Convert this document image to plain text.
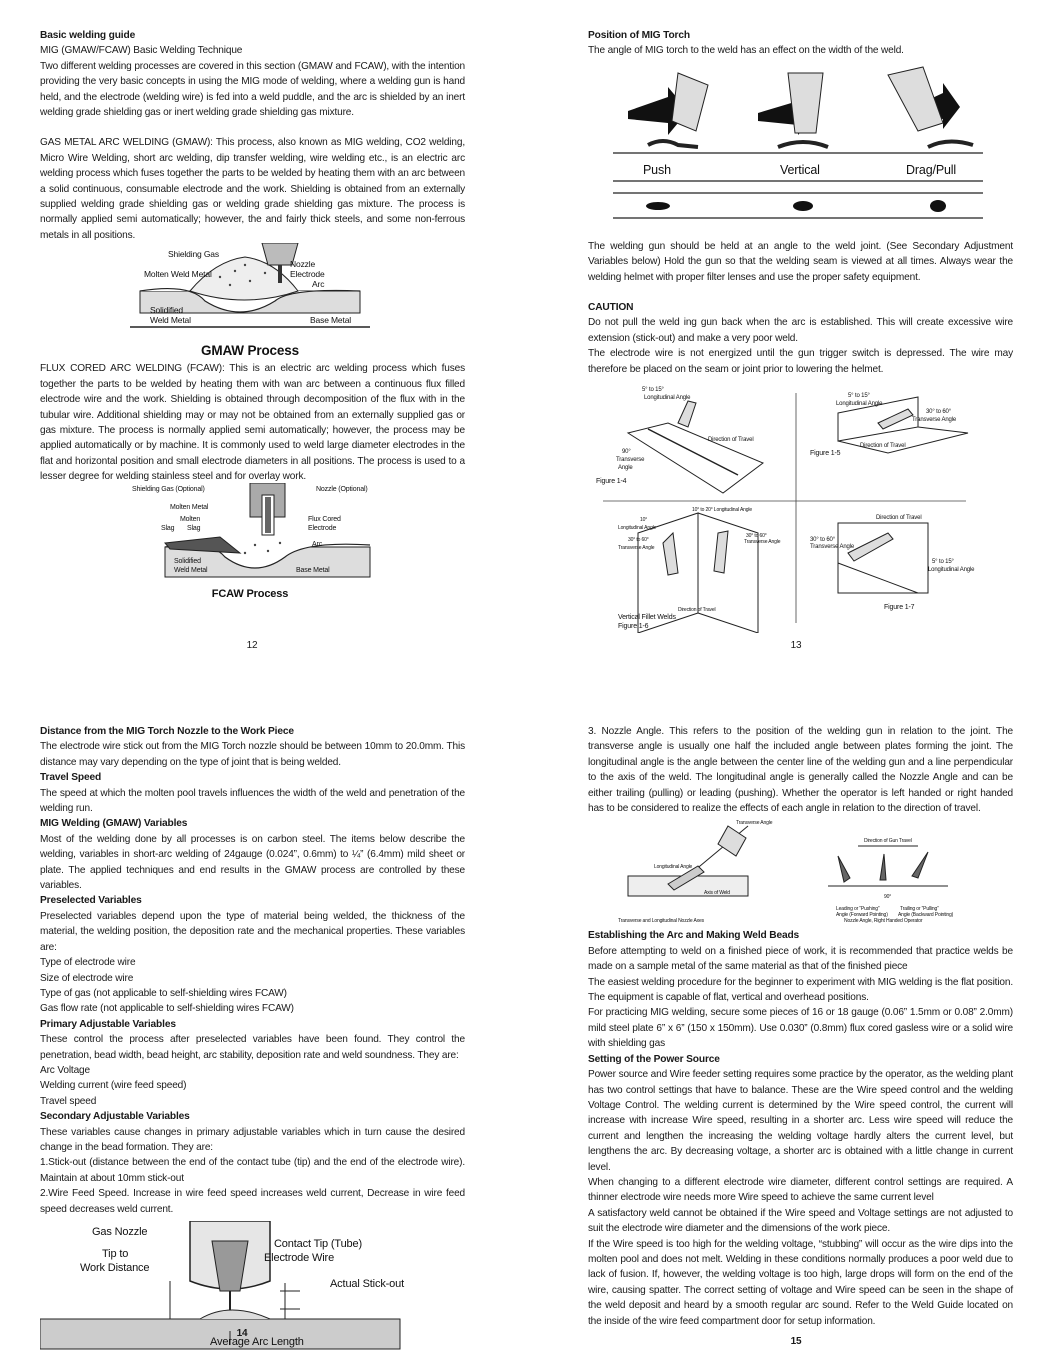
Basic welding guide
MIG (GMAW/FCAW) Basic Welding Technique
Two different welding processes are covered in this section (GMAW and FCAW), with the intention providing the very basic concepts in using the MIG mode of welding, where a welding gun is hand held, and the electrode (welding wire) is fed into a weld puddle, and the arc is shielded by an inert welding grade shielding gas or inert welding grade shielding gas mixture.
GAS METAL ARC WELDING (GMAW): This process, also known as MIG welding, CO2 welding, Micro Wire Welding, short arc welding, dip transfer welding, wire welding etc., is an electric arc welding process which fuses together the parts to be welded by heating them with an arc between a solid continuous, consumable electrode and the work. Shielding is obtained from an externally supplied welding grade shielding gas or welding grade shielding gas mixture. The process is normally applied semi automatically; however, the and fairly thick steels, and some non-ferrous metals in all positions.
Shielding Gas
Nozzle
Molten Weld Metal	Electrode
Arc
Solidified
Weld Metal	Base Metal
GMAW Process
FLUX CORED ARC WELDING (FCAW): This is an electric arc welding process which fuses together the parts to be welded by heating them with wan arc between a continuous flux filled electrode wire and the work. Shielding is obtained through decomposition of the flux with in the tubular wire. Additional shielding may or may not be obtained from an externally supplied gas or gas mixture. The process is normally applied semi automatically; however, the process may be applied automatically or by machine. It is commonly used to weld large diameter electrodes in the flat and horizontal position and small electrode diameters in all positions. The process is used to a lesser degree for welding stainless steel and for overlay work.
Shielding Gas (Optional)	Nozzle (Optional)
Molten Metal
Molten
Slag Slag
Flux Cored
Electrode
Arc
Solidified
Weld Metal	Base Metal
FCAW Process
12
Position of MIG Torch
The angle of MIG torch to the weld has an effect on the width of the weld.
Push	Vertical	Drag/Pull
The welding gun should be held at an angle to the weld joint. (See Secondary Adjustment Variables below) Hold the gun so that the welding seam is viewed at all times. Always wear the welding helmet with proper filter lenses and use the proper safety equipment.
CAUTION
Do not pull the weld ing gun back when the arc is established. This will create excessive wire extension (stick-out) and make a very poor weld.
The electrode wire is not energized until the gun trigger switch is depressed. The wire may therefore be placed on the seam or joint prior to lowering the helmet.
5° to 15°
Longitudinal Angle
Direction of Travel
90°
Transverse
Angle
Figure 1-4
5° to 15°
Longitudinal Angle
30° to 60°
Transverse Angle
Direction of Travel
Figure 1-5
10° to 20° Longitudinal Angle
10°
Longitudinal Angle
30° to 60°
Transverse Angle
30° to 60°
Transverse Angle
Direction of Travel
Vertical Fillet Welds
Figure 1-6
Direction of Travel
30° to 60°
Transverse Angle
5° to 15°
Longitudinal Angle
Figure 1-7
13
Distance from the MIG Torch Nozzle to the Work Piece
The electrode wire stick out from the MIG Torch nozzle should be between 10mm to 20.0mm. This distance may vary depending on the type of joint that is being welded.
Travel Speed
The speed at which the molten pool travels influences the width of the weld and penetration of the welding run.
MIG Welding (GMAW) Variables
Most of the welding done by all processes is on carbon steel. The items below describe the welding, variables in short-arc welding of 24gauge (0.024”, 0.6mm) to ¼” (6.4mm) mild sheet or plate. The applied techniques and end results in the GMAW process are controlled by these variables.
Preselected Variables
Preselected variables depend upon the type of material being welded, the thickness of the material, the welding position, the deposition rate and the mechanical properties. These variables are:
Type of electrode wire
Size of electrode wire
Type of gas (not applicable to self-shielding wires FCAW)
Gas flow rate (not applicable to self-shielding wires FCAW)
Primary Adjustable Variables
These control the process after preselected variables have been found. They control the penetration, bead width, bead height, arc stability, deposition rate and weld soundness. They are:
Arc Voltage
Welding current (wire feed speed)
Travel speed
Secondary Adjustable Variables
These variables cause changes in primary adjustable variables which in turn cause the desired change in the bead formation. They are:
1.Stick-out (distance between the end of the contact tube (tip) and the end of the electrode wire). Maintain at about 10mm stick-out
2.Wire Feed Speed. Increase in wire feed speed increases weld current, Decrease in wire feed speed decreases weld current.
Gas Nozzle
Tip to
Work Distance
Contact Tip (Tube)
Electrode Wire
Actual Stick-out
Average Arc Length
14
3. Nozzle Angle. This refers to the position of the welding gun in relation to the joint. The transverse angle is usually one half the included angle between plates forming the joint. The longitudinal angle is the angle between the center line of the welding gun and a line perpendicular to the axis of the weld. The longitudinal angle is generally called the Nozzle Angle and can be either trailing (pulling) or leading (pushing). Whether the operator is left handed or right handed has to be considered to realize the effects of each angle in relation to the direction of travel.
Transverse Angle
Longitudinal Angle
Axis of Weld
Transverse and Longitudinal Nozzle Axes
Direction of Gun Travel
90°
Leading or “Pushing”
Angle (Forward Pointing)
Trailing or “Pulling”
Angle (Backward Pointing)
Nozzle Angle, Right Handed Operator
Establishing the Arc and Making Weld Beads
Before attempting to weld on a finished piece of work, it is recommended that practice welds be made on a sample metal of the same material as that of the finished piece
The easiest welding procedure for the beginner to experiment with MIG welding is the flat position. The equipment is capable of flat, vertical and overhead positions.
For practicing MIG welding, secure some pieces of 16 or 18 gauge (0.06” 1.5mm or 0.08” 2.0mm) mild steel plate 6” x 6” (150 x 150mm). Use 0.030” (0.8mm) flux cored gasless wire or a solid wire with shielding gas
Setting of the Power Source
Power source and Wire feeder setting requires some practice by the operator, as the welding plant has two control settings that have to balance. These are the Wire speed control and the welding Voltage Control. The welding current is determined by the Wire speed control, the current will increase with increase Wire speed, resulting in a shorter arc. Less wire speed will reduce the current and lengthen the increasing the welding voltage hardly alters the current level, but lengthens the arc. By decreasing voltage, a shorter arc is obtained with a little change in current level.
When changing to a different electrode wire diameter, different control settings are required. A thinner electrode wire needs more Wire speed to achieve the same current level
A satisfactory weld cannot be obtained if the Wire speed and Voltage settings are not adjusted to suit the electrode wire diameter and the dimensions of the work piece.
If the Wire speed is too high for the welding voltage, “stubbing” will occur as the wire dips into the molten pool and does not melt. Welding in these conditions normally produces a poor weld due to lack of fusion. If, however, the welding voltage is too high, large drops will form on the end of the wire, causing spatter. The correct setting of voltage and Wire speed can be seen in the shape of the weld deposit and heard by a smooth regular arc sound. Refer to the Weld Guide located on the inside of the wire feed compartment door for setup information.
15
